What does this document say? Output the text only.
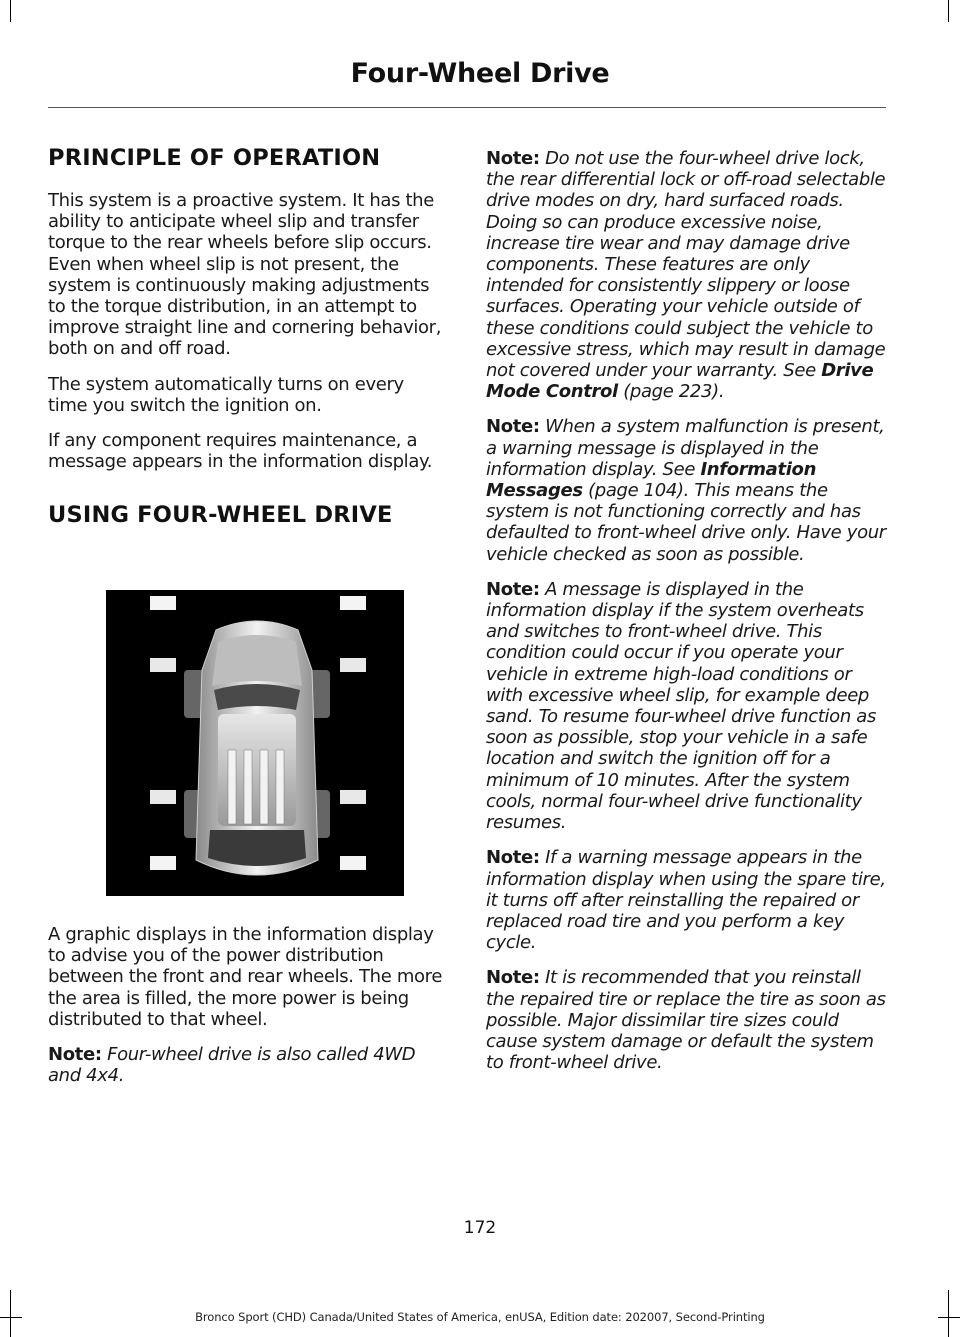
Four-Wheel Drive
PRINCIPLE OF OPERATION

This system is a proactive system. It has the ability to anticipate wheel slip and transfer torque to the rear wheels before slip occurs. Even when wheel slip is not present, the system is continuously making adjustments to the torque distribution, in an attempt to improve straight line and cornering behavior, both on and off road.

The system automatically turns on every time you switch the ignition on.

If any component requires maintenance, a message appears in the information display.

USING FOUR-WHEEL DRIVE

A graphic displays in the information display to advise you of the power distribution between the front and rear wheels. The more the area is filled, the more power is being distributed to that wheel.

Note: Four-wheel drive is also called 4WD and 4x4.

Note: Do not use the four-wheel drive lock, the rear differential lock or off-road selectable drive modes on dry, hard surfaced roads. Doing so can produce excessive noise, increase tire wear and may damage drive components. These features are only intended for consistently slippery or loose surfaces. Operating your vehicle outside of these conditions could subject the vehicle to excessive stress, which may result in damage not covered under your warranty. See Drive Mode Control (page 223).

Note: When a system malfunction is present, a warning message is displayed in the information display. See Information Messages (page 104). This means the system is not functioning correctly and has defaulted to front-wheel drive only. Have your vehicle checked as soon as possible.

Note: A message is displayed in the information display if the system overheats and switches to front-wheel drive. This condition could occur if you operate your vehicle in extreme high-load conditions or with excessive wheel slip, for example deep sand. To resume four-wheel drive function as soon as possible, stop your vehicle in a safe location and switch the ignition off for a minimum of 10 minutes. After the system cools, normal four-wheel drive functionality resumes.

Note: If a warning message appears in the information display when using the spare tire, it turns off after reinstalling the repaired or replaced road tire and you perform a key cycle.

Note: It is recommended that you reinstall the repaired tire or replace the tire as soon as possible. Major dissimilar tire sizes could cause system damage or default the system to front-wheel drive.

172
Bronco Sport (CHD) Canada/United States of America, enUSA, Edition date: 202007, Second-Printing
